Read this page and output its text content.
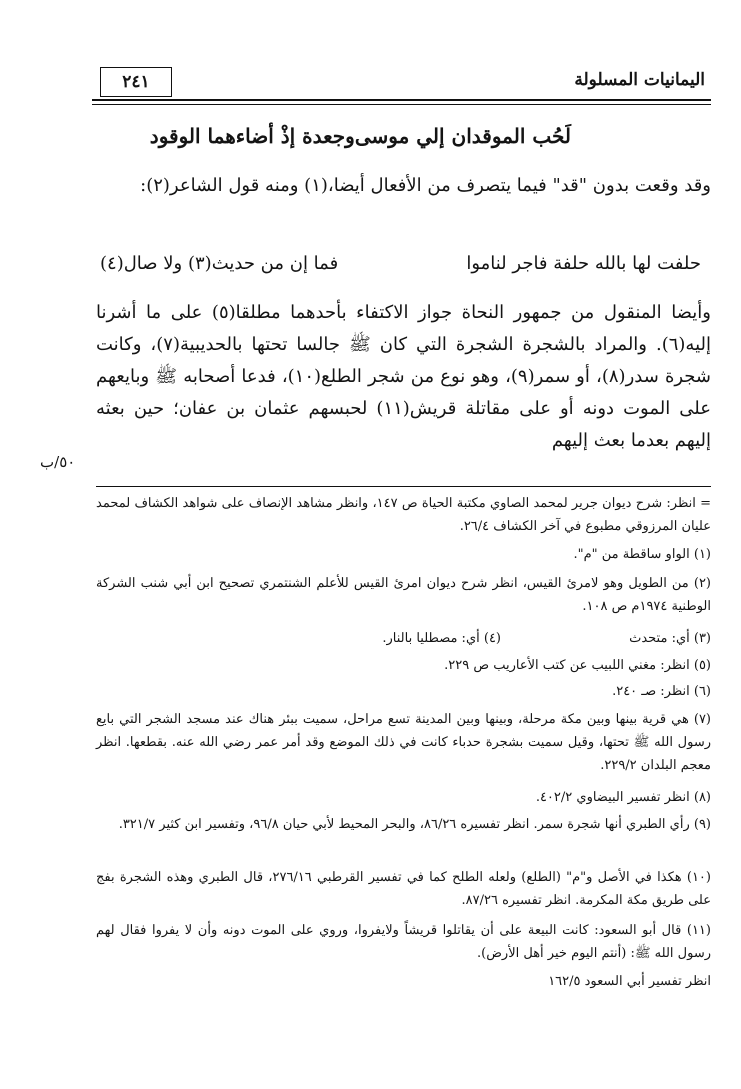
اليمانيات المسلولة
٢٤١
لَحُب الموقدان إلي موسى
وجعدة إذْ أضاءهما الوقود
وقد وقعت بدون "قد" فيما يتصرف من الأفعال أيضا،(١) ومنه قول الشاعر(٢):
حلفت لها بالله حلفة فاجر لناموا
فما إن من حديث(٣) ولا صال(٤)
وأيضا المنقول من جمهور النحاة جواز الاكتفاء بأحدهما مطلقا(٥) على ما أشرنا إليه(٦). والمراد بالشجرة الشجرة التي كان ﷺ جالسا تحتها بالحديبية(٧)، وكانت شجرة سدر(٨)، أو سمر(٩)، وهو نوع من شجر الطلع(١٠)، فدعا أصحابه ﷺ وبايعهم على الموت دونه أو على مقاتلة قريش(١١) لحبسهم عثمان بن عفان؛ حين بعثه إليهم بعدما بعث إليهم
٥٠/ب
= انظر: شرح ديوان جرير لمحمد الصاوي مكتبة الحياة ص ١٤٧، وانظر مشاهد الإنصاف على شواهد الكشاف لمحمد عليان المرزوقي مطبوع في آخر الكشاف ٢٦/٤.
(١) الواو ساقطة من "م".
(٢) من الطويل وهو لامرئ القيس، انظر شرح ديوان امرئ القيس للأعلم الشنتمري تصحيح ابن أبي شنب الشركة الوطنية ١٩٧٤م ص ١٠٨.
(٣) أي: متحدث
(٤) أي: مصطليا بالنار.
(٥) انظر: مغني اللبيب عن كتب الأعاريب ص ٢٢٩.
(٦) انظر: صـ ٢٤٠.
(٧) هي قرية بينها وبين مكة مرحلة، وبينها وبين المدينة تسع مراحل، سميت ببئر هناك عند مسجد الشجر التي بايع رسول الله ﷺ تحتها، وقيل سميت بشجرة حدباء كانت في ذلك الموضع وقد أمر عمر رضي الله عنه. بقطعها. انظر معجم البلدان ٢٢٩/٢.
(٨) انظر تفسير البيضاوي ٤٠٢/٢.
(٩) رأي الطبري أنها شجرة سمر. انظر تفسيره ٨٦/٢٦، والبحر المحيط لأبي حيان ٩٦/٨، وتفسير ابن كثير ٣٢١/٧.
(١٠) هكذا في الأصل و"م" (الطلع) ولعله الطلح كما في تفسير القرطبي ٢٧٦/١٦، قال الطبري وهذه الشجرة بفج على طريق مكة المكرمة. انظر تفسيره ٨٧/٢٦.
(١١) قال أبو السعود: كانت البيعة على أن يقاتلوا قريشاً ولايفروا، وروي على الموت دونه وأن لا يفروا فقال لهم رسول الله ﷺ: (أنتم اليوم خير أهل الأرض).
انظر تفسير أبي السعود ١٦٢/٥
